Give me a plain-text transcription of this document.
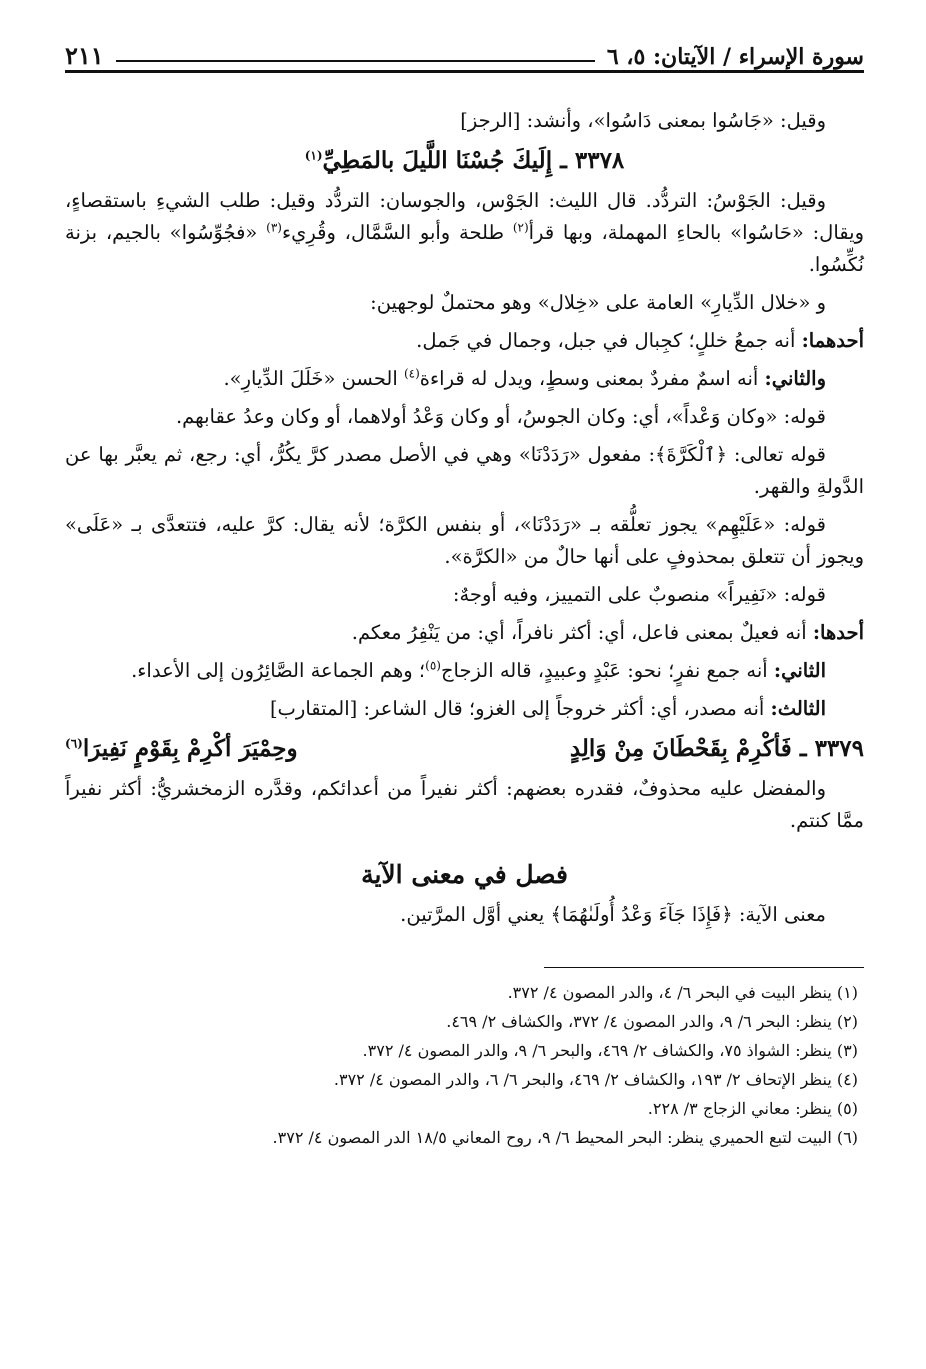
سورة الإسراء / الآيتان: ٥، ٦
٢١١

وقيل: «جَاسُوا بمعنى دَاسُوا»، وأنشد: [الرجز]

٣٣٧٨ ـ إِلَيكَ جُسْنَا اللَّيلَ بالمَطِيِّ$^{(١)}$

وقيل: الجَوْسُ: التردُّد. قال الليث: الجَوْس، والجوسان: التردُّد وقيل: طلب الشيءِ باستقصاءٍ، ويقال: «حَاسُوا» بالحاءِ المهملة، وبها قرأ$^{(٢)}$ طلحة وأبو السَّمَّال، وقُرِيء$^{(٣)}$ «فجُوِّسُوا» بالجيم، بزنة نُكِّسُوا.

و «خلال الدِّيارِ» العامة على «خِلال» وهو محتملٌ لوجهين:

أحدهما: أنه جمعُ خللٍ؛ كجِبال في جبل، وجمال في جَمل.

والثاني: أنه اسمٌ مفردٌ بمعنى وسطٍ، ويدل له قراءة$^{(٤)}$ الحسن «خَلَلَ الدِّيارِ».

قوله: «وكان وَعْداً»، أي: وكان الجوسُ، أو وكان وَعْدُ أولاهما، أو وكان وعدُ عقابهم.

قوله تعالى: ﴿ٱلْكَرَّةَ﴾: مفعول «رَدَدْنَا» وهي في الأصل مصدر كرَّ يكُرُّ، أي: رجع، ثم يعبَّر بها عن الدَّولةِ والقهر.

قوله: «عَلَيْهِم» يجوز تعلُّقه بـ «رَدَدْنَا»، أو بنفس الكرَّة؛ لأنه يقال: كرَّ عليه، فتتعدَّى بـ «عَلَى» ويجوز أن تتعلق بمحذوفٍ على أنها حالٌ من «الكرَّة».

قوله: «نَفِيراً» منصوبٌ على التمييز، وفيه أوجهٌ:

أحدها: أنه فعيلٌ بمعنى فاعل، أي: أكثر نافراً، أي: من يَنْفِرُ معكم.

الثاني: أنه جمع نفرٍ؛ نحو: عَبْدٍ وعبيدٍ، قاله الزجاج$^{(٥)}$؛ وهم الجماعة الصَّائِرُون إلى الأعداء.

الثالث: أنه مصدر، أي: أكثر خروجاً إلى الغزو؛ قال الشاعر: [المتقارب]

٣٣٧٩ ـ فَأكْرِمْ بِقَحْطَانَ مِنْ وَالِدٍ
وحِمْيَرَ أكْرِمْ بِقَوْمٍ نَفِيرَا$^{(٦)}$

والمفضل عليه محذوفٌ، فقدره بعضهم: أكثر نفيراً من أعدائكم، وقدَّره الزمخشريُّ: أكثر نفيراً ممَّا كنتم.

فصل في معنى الآية

معنى الآية: ﴿فَإِذَا جَآءَ وَعْدُ أُولَىٰهُمَا﴾ يعني أوَّل المرَّتين.

(١) ينظر البيت في البحر ٦/ ٤، والدر المصون ٤/ ٣٧٢.
(٢) ينظر: البحر ٦/ ٩، والدر المصون ٤/ ٣٧٢، والكشاف ٢/ ٤٦٩.
(٣) ينظر: الشواذ ٧٥، والكشاف ٢/ ٤٦٩، والبحر ٦/ ٩، والدر المصون ٤/ ٣٧٢.
(٤) ينظر الإتحاف ٢/ ١٩٣، والكشاف ٢/ ٤٦٩، والبحر ٦/ ٦، والدر المصون ٤/ ٣٧٢.
(٥) ينظر: معاني الزجاج ٣/ ٢٢٨.
(٦) البيت لتبع الحميري ينظر: البحر المحيط ٦/ ٩، روح المعاني ١٨/٥ الدر المصون ٤/ ٣٧٢.
